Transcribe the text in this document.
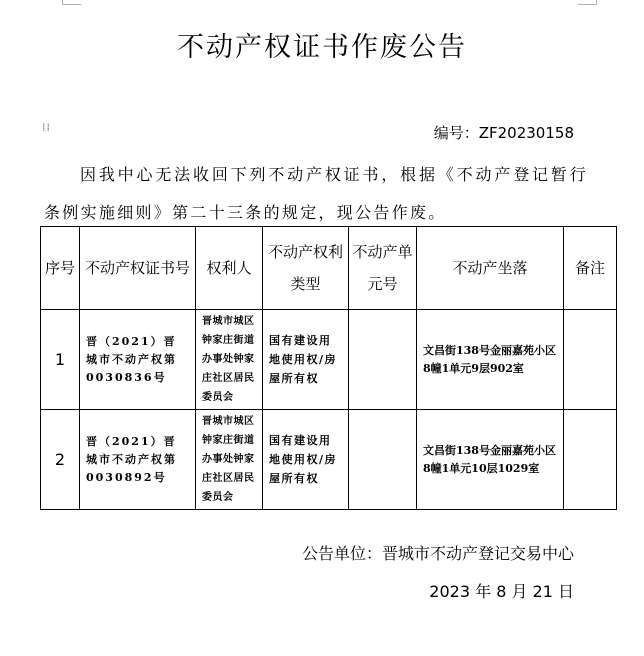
不动产权证书作废公告
⁞⁞	编号：ZF20230158
因我中心无法收回下列不动产权证书，根据《不动产登记暂行条例实施细则》第二十三条的规定，现公告作废。
序号	不动产权证书号	权利人	不动产权利类型	不动产单元号	不动产坐落	备注
1	晋（2021）晋城市不动产权第0030836号	晋城市城区钟家庄街道办事处钟家庄社区居民委员会	国有建设用地使用权/房屋所有权		文昌街138号金丽嘉苑小区8幢1单元9层902室	
2	晋（2021）晋城市不动产权第0030892号	晋城市城区钟家庄街道办事处钟家庄社区居民委员会	国有建设用地使用权/房屋所有权		文昌街138号金丽嘉苑小区8幢1单元10层1029室	
公告单位：晋城市不动产登记交易中心
2023 年 8 月 21 日
